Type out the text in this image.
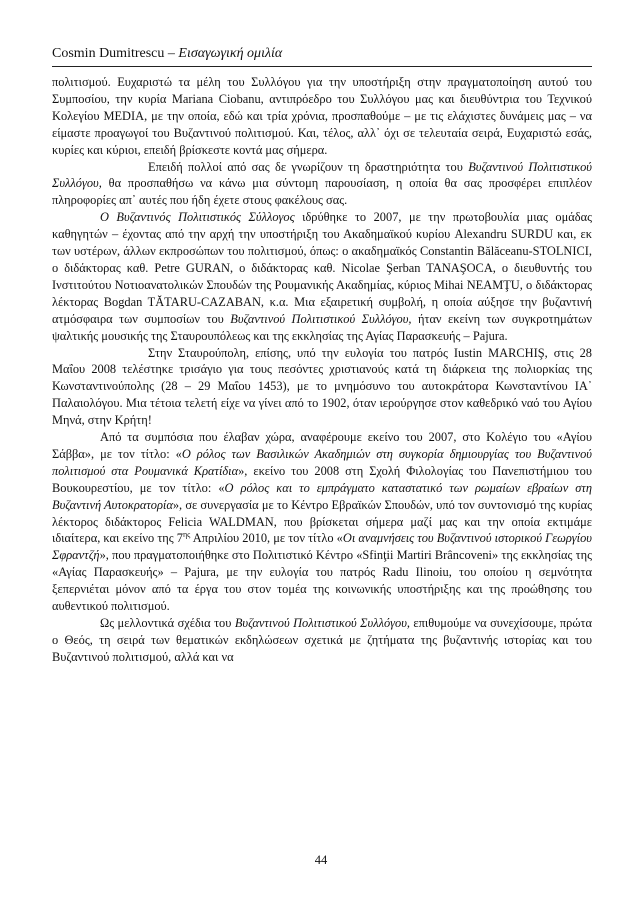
Cosmin Dumitrescu – Εισαγωγική ομιλία

πολιτισμού. Ευχαριστώ τα μέλη του Συλλόγου για την υποστήριξη στην πραγματοποίηση αυτού του Συμποσίου, την κυρία Mariana Ciobanu, αντιπρόεδρο του Συλλόγου μας και διευθύντρια του Τεχνικού Κολεγίου MEDIA, με την οποία, εδώ και τρία χρόνια, προσπαθούμε – με τις ελάχιστες δυνάμεις μας – να είμαστε προαγωγοί του Βυζαντινού πολιτισμού. Και, τέλος, αλλ᾽ όχι σε τελευταία σειρά, Ευχαριστώ εσάς, κυρίες και κύριοι, επειδή βρίσκεστε κοντά μας σήμερα.

Επειδή πολλοί από σας δε γνωρίζουν τη δραστηριότητα του Βυζαντινού Πολιτιστικού Συλλόγου, θα προσπαθήσω να κάνω μια σύντομη παρουσίαση, η οποία θα σας προσφέρει επιπλέον πληροφορίες απ᾽ αυτές που ήδη έχετε στους φακέλους σας.

Ο Βυζαντινός Πολιτιστικός Σύλλογος ιδρύθηκε το 2007, με την πρωτοβουλία μιας ομάδας καθηγητών – έχοντας από την αρχή την υποστήριξη του Ακαδημαϊκού κυρίου Alexandru SURDU και, εκ των υστέρων, άλλων εκπροσώπων του πολιτισμού, όπως: ο ακαδημαϊκός Constantin Bălăceanu-STOLNICI, ο διδάκτορας καθ. Petre GURAN, ο διδάκτορας καθ. Nicolae Şerban TANAŞOCA, ο διευθυντής του Ινστιτούτου Νοτιοανατολικών Σπουδών της Ρουμανικής Ακαδημίας, κύριος Mihai NEAMŢU, ο διδάκτορας λέκτορας Bogdan TĂTARU-CAZABAN, κ.α. Μια εξαιρετική συμβολή, η οποία αύξησε την βυζαντινή ατμόσφαιρα των συμποσίων του Βυζαντινού Πολιτιστικού Συλλόγου, ήταν εκείνη των συγκροτημάτων ψαλτικής μουσικής της Σταυρουπόλεως και της εκκλησίας της Αγίας Παρασκευής – Pajura.

Στην Σταυρούπολη, επίσης, υπό την ευλογία του πατρός Iustin MARCHIŞ, στις 28 Μαΐου 2008 τελέστηκε τρισάγιο για τους πεσόντες χριστιανούς κατά τη διάρκεια της πολιορκίας της Κωνσταντινούπολης (28 – 29 Μαΐου 1453), με το μνημόσυνο του αυτοκράτορα Κωνσταντίνου ΙΑ᾽ Παλαιολόγου. Μια τέτοια τελετή είχε να γίνει από το 1902, όταν ιερούργησε στον καθεδρικό ναό του Αγίου Μηνά, στην Κρήτη!

Από τα συμπόσια που έλαβαν χώρα, αναφέρουμε εκείνο του 2007, στο Κολέγιο του «Αγίου Σάββα», με τον τίτλο: «Ο ρόλος των Βασιλικών Ακαδημιών στη συγκορία δημιουργίας του Βυζαντινού πολιτισμού στα Ρουμανικά Κρατίδια», εκείνο του 2008 στη Σχολή Φιλολογίας του Πανεπιστήμιου του Βουκουρεστίου, με τον τίτλο: «Ο ρόλος και το εμπράγματο καταστατικό των ρωμαίων εβραίων στη Βυζαντινή Αυτοκρατορία», σε συνεργασία με το Κέντρο Εβραϊκών Σπουδών, υπό τον συντονισμό της κυρίας λέκτορος διδάκτορος Felicia WALDMAN, που βρίσκεται σήμερα μαζί μας και την οποία εκτιμάμε ιδιαίτερα, και εκείνο της $7^{\eta\varsigma}$ Απριλίου 2010, με τον τίτλο «Οι αναμνήσεις του Βυζαντινού ιστορικού Γεωργίου Σφραντζή», που πραγματοποιήθηκε στο Πολιτιστικό Κέντρο «Sfinţii Martiri Brâncoveni» της εκκλησίας της «Αγίας Παρασκευής» – Pajura, με την ευλογία του πατρός Radu Ilinoiu, του οποίου η σεμνότητα ξεπερνιέται μόνον από τα έργα του στον τομέα της κοινωνικής υποστήριξης και της προώθησης του αυθεντικού πολιτισμού.

Ως μελλοντικά σχέδια του Βυζαντινού Πολιτιστικού Συλλόγου, επιθυμούμε να συνεχίσουμε, πρώτα ο Θεός, τη σειρά των θεματικών εκδηλώσεων σχετικά με ζητήματα της βυζαντινής ιστορίας και του Βυζαντινού πολιτισμού, αλλά και να

44
